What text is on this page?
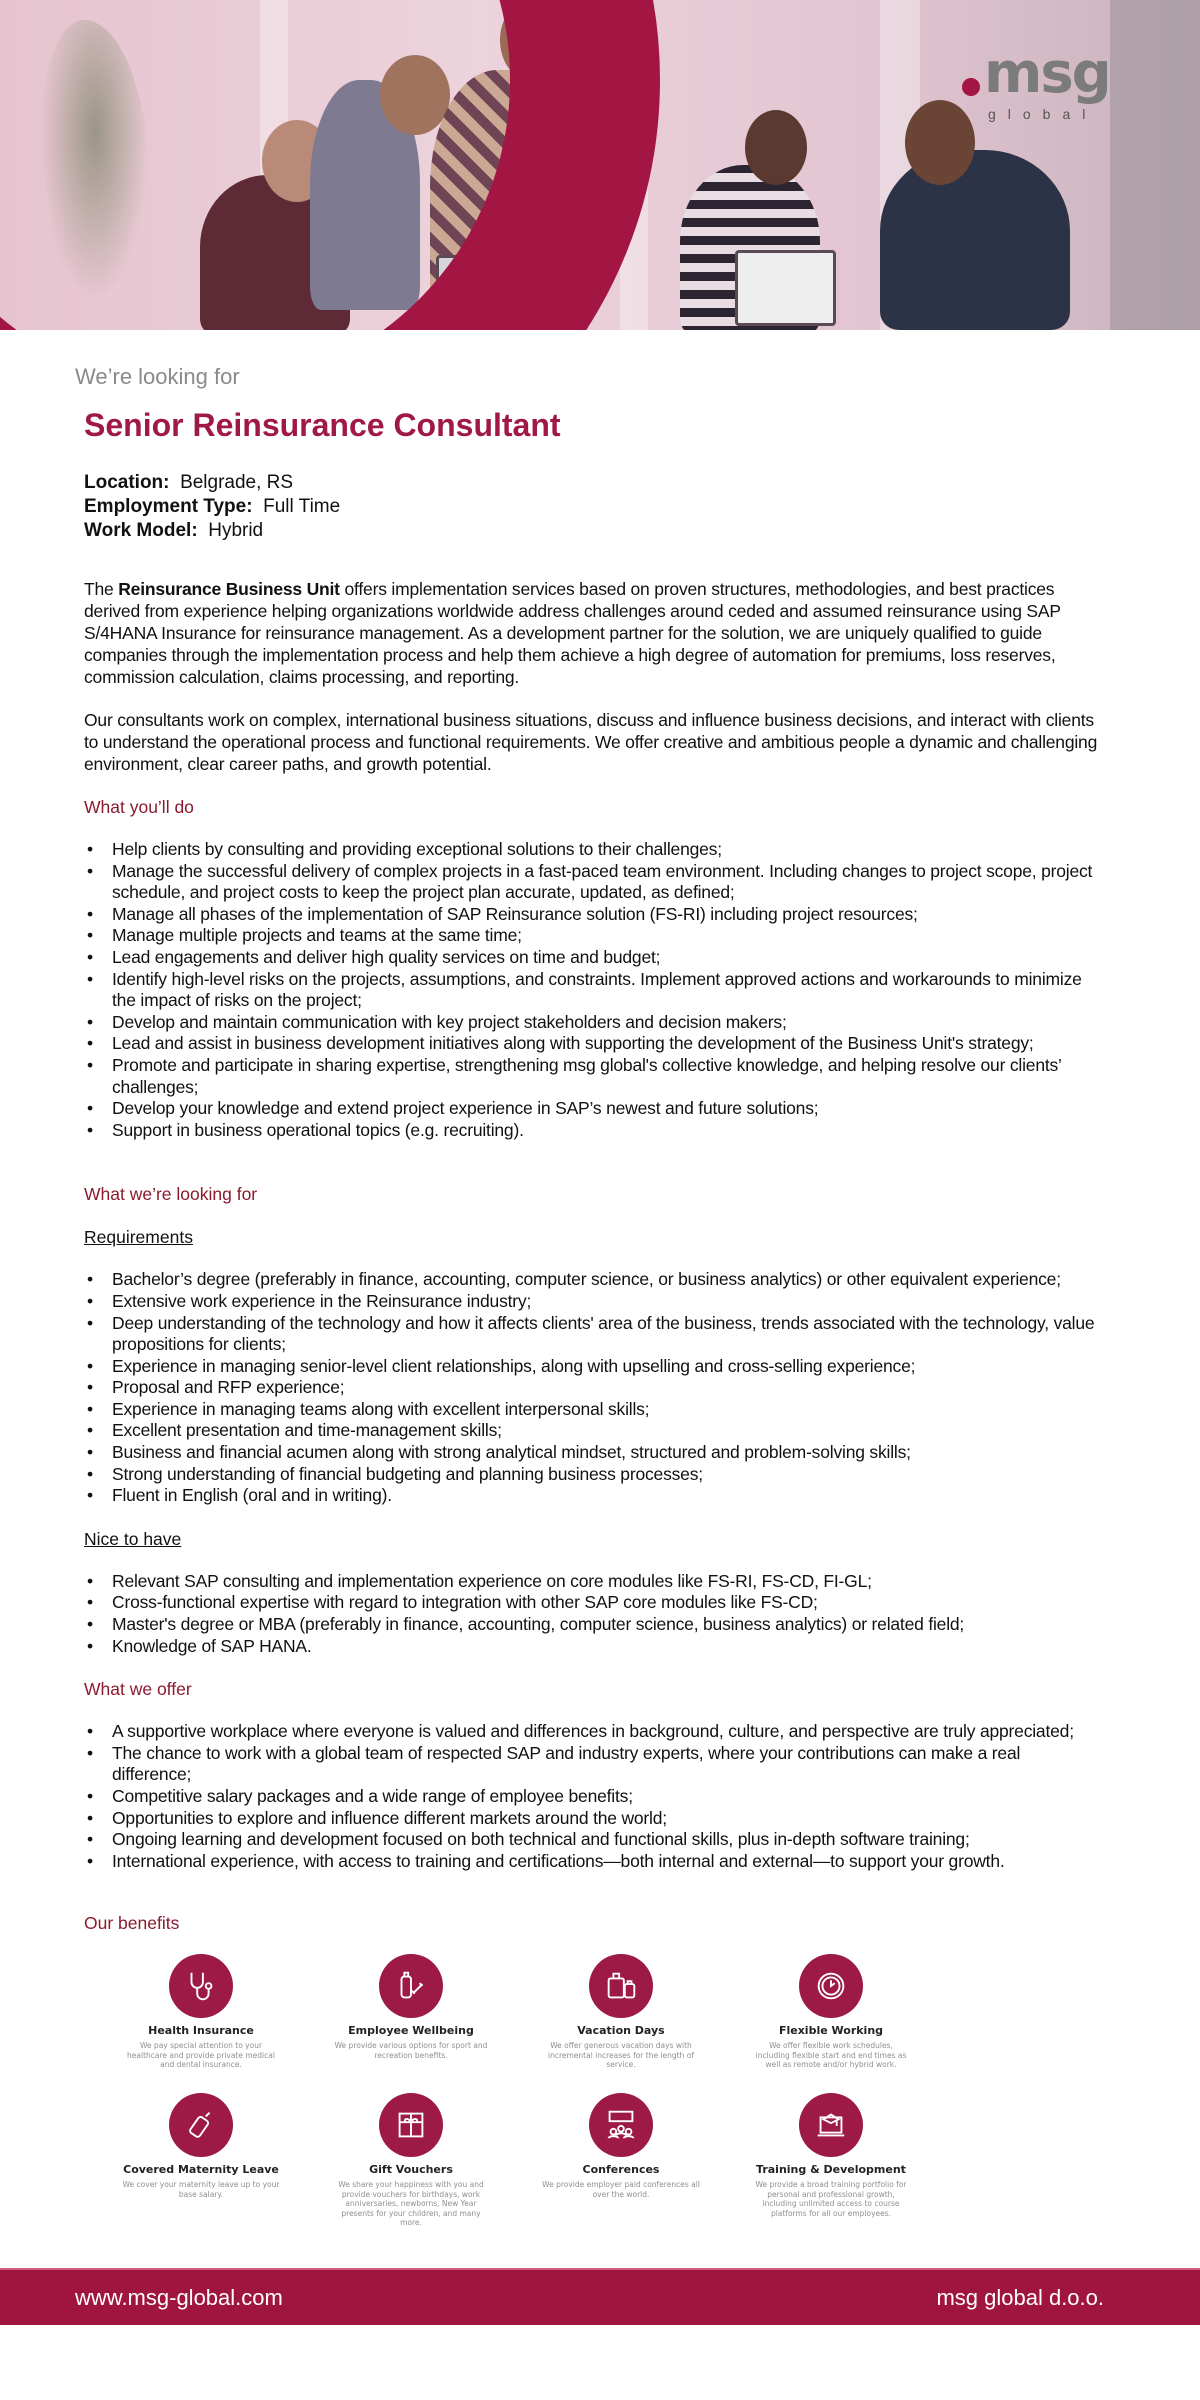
msg
global
We’re looking for
Senior Reinsurance Consultant
Location: Belgrade, RS
Employment Type: Full Time
Work Model: Hybrid
The Reinsurance Business Unit offers implementation services based on proven structures, methodologies, and best practices derived from experience helping organizations worldwide address challenges around ceded and assumed reinsurance using SAP S/4HANA Insurance for reinsurance management. As a development partner for the solution, we are uniquely qualified to guide companies through the implementation process and help them achieve a high degree of automation for premiums, loss reserves, commission calculation, claims processing, and reporting.
Our consultants work on complex, international business situations, discuss and influence business decisions, and interact with clients to understand the operational process and functional requirements. We offer creative and ambitious people a dynamic and challenging environment, clear career paths, and growth potential.
What you’ll do
• Help clients by consulting and providing exceptional solutions to their challenges;
• Manage the successful delivery of complex projects in a fast-paced team environment. Including changes to project scope, project schedule, and project costs to keep the project plan accurate, updated, as defined;
• Manage all phases of the implementation of SAP Reinsurance solution (FS-RI) including project resources;
• Manage multiple projects and teams at the same time;
• Lead engagements and deliver high quality services on time and budget;
• Identify high-level risks on the projects, assumptions, and constraints. Implement approved actions and workarounds to minimize the impact of risks on the project;
• Develop and maintain communication with key project stakeholders and decision makers;
• Lead and assist in business development initiatives along with supporting the development of the Business Unit's strategy;
• Promote and participate in sharing expertise, strengthening msg global's collective knowledge, and helping resolve our clients’ challenges;
• Develop your knowledge and extend project experience in SAP’s newest and future solutions;
• Support in business operational topics (e.g. recruiting).
What we’re looking for
Requirements
• Bachelor’s degree (preferably in finance, accounting, computer science, or business analytics) or other equivalent experience;
• Extensive work experience in the Reinsurance industry;
• Deep understanding of the technology and how it affects clients' area of the business, trends associated with the technology, value propositions for clients;
• Experience in managing senior-level client relationships, along with upselling and cross-selling experience;
• Proposal and RFP experience;
• Experience in managing teams along with excellent interpersonal skills;
• Excellent presentation and time-management skills;
• Business and financial acumen along with strong analytical mindset, structured and problem-solving skills;
• Strong understanding of financial budgeting and planning business processes;
• Fluent in English (oral and in writing).
Nice to have
• Relevant SAP consulting and implementation experience on core modules like FS-RI, FS-CD, FI-GL;
• Cross-functional expertise with regard to integration with other SAP core modules like FS-CD;
• Master's degree or MBA (preferably in finance, accounting, computer science, business analytics) or related field;
• Knowledge of SAP HANA.
What we offer
• A supportive workplace where everyone is valued and differences in background, culture, and perspective are truly appreciated;
• The chance to work with a global team of respected SAP and industry experts, where your contributions can make a real difference;
• Competitive salary packages and a wide range of employee benefits;
• Opportunities to explore and influence different markets around the world;
• Ongoing learning and development focused on both technical and functional skills, plus in-depth software training;
• International experience, with access to training and certifications—both internal and external—to support your growth.
Our benefits
Health Insurance
We pay special attention to your healthcare and provide private medical and dental insurance.
Employee Wellbeing
We provide various options for sport and recreation benefits.
Vacation Days
We offer generous vacation days with incremental increases for the length of service.
Flexible Working
We offer flexible work schedules, including flexible start and end times as well as remote and/or hybrid work.
Covered Maternity Leave
We cover your maternity leave up to your base salary.
Gift Vouchers
We share your happiness with you and provide vouchers for birthdays, work anniversaries, newborns, New Year presents for your children, and many more.
Conferences
We provide employer paid conferences all over the world.
Training & Development
We provide a broad training portfolio for personal and professional growth, including unlimited access to course platforms for all our employees.
www.msg-global.com	msg global d.o.o.
